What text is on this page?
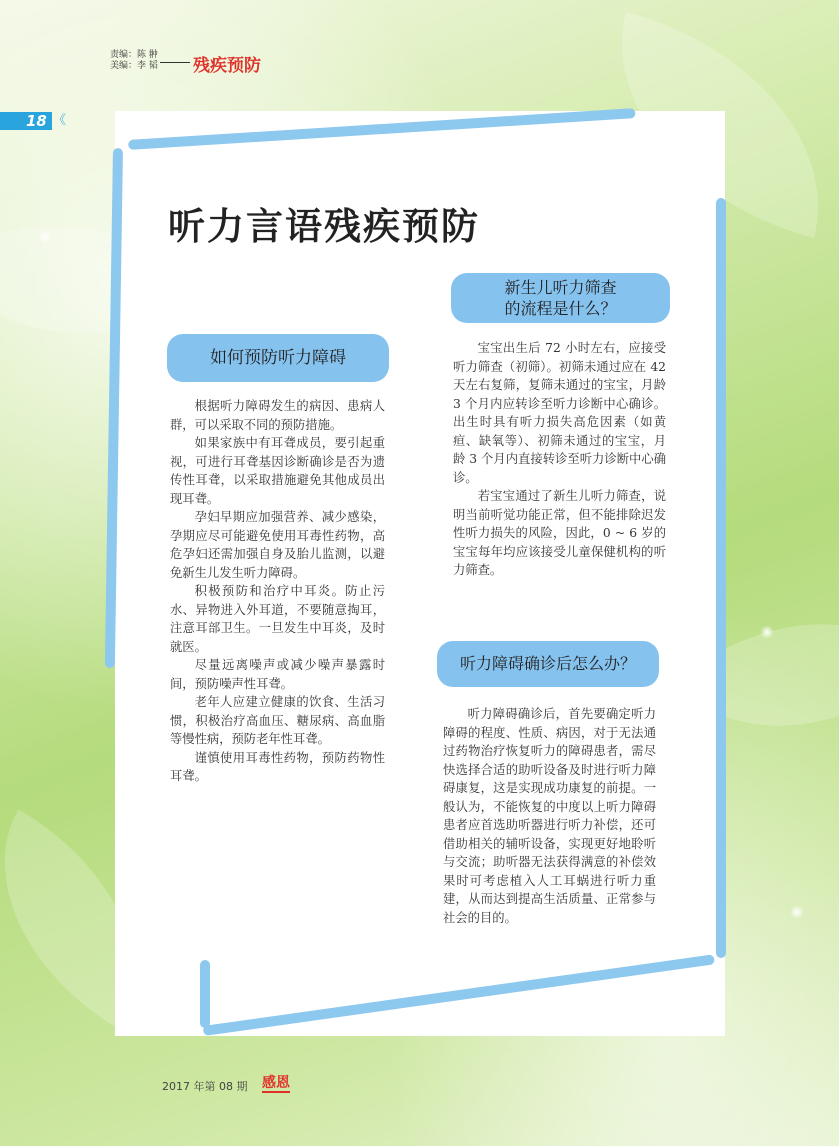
责编：陈 翀
美编：李 韬 残疾预防
18 《
听力言语残疾预防
如何预防听力障碍

根据听力障碍发生的病因、患病人群，可以采取不同的预防措施。

如果家族中有耳聋成员，要引起重视，可进行耳聋基因诊断确诊是否为遗传性耳聋，以采取措施避免其他成员出现耳聋。

孕妇早期应加强营养、减少感染，孕期应尽可能避免使用耳毒性药物，高危孕妇还需加强自身及胎儿监测，以避免新生儿发生听力障碍。

积极预防和治疗中耳炎。防止污水、异物进入外耳道，不要随意掏耳，注意耳部卫生。一旦发生中耳炎，及时就医。

尽量远离噪声或减少噪声暴露时间，预防噪声性耳聋。

老年人应建立健康的饮食、生活习惯，积极治疗高血压、糖尿病、高血脂等慢性病，预防老年性耳聋。

谨慎使用耳毒性药物，预防药物性耳聋。

新生儿听力筛查
的流程是什么？

宝宝出生后 72 小时左右，应接受听力筛查（初筛）。初筛未通过应在 42 天左右复筛，复筛未通过的宝宝，月龄 3 个月内应转诊至听力诊断中心确诊。出生时具有听力损失高危因素（如黄疸、缺氧等）、初筛未通过的宝宝，月龄 3 个月内直接转诊至听力诊断中心确诊。

若宝宝通过了新生儿听力筛查，说明当前听觉功能正常，但不能排除迟发性听力损失的风险，因此，0 ~ 6 岁的宝宝每年均应该接受儿童保健机构的听力筛查。

听力障碍确诊后怎么办？

听力障碍确诊后，首先要确定听力障碍的程度、性质、病因，对于无法通过药物治疗恢复听力的障碍患者，需尽快选择合适的助听设备及时进行听力障碍康复，这是实现成功康复的前提。一般认为，不能恢复的中度以上听力障碍患者应首选助听器进行听力补偿，还可借助相关的辅听设备，实现更好地聆听与交流；助听器无法获得满意的补偿效果时可考虑植入人工耳蜗进行听力重建，从而达到提高生活质量、正常参与社会的目的。

2017 年第 08 期 感恩
